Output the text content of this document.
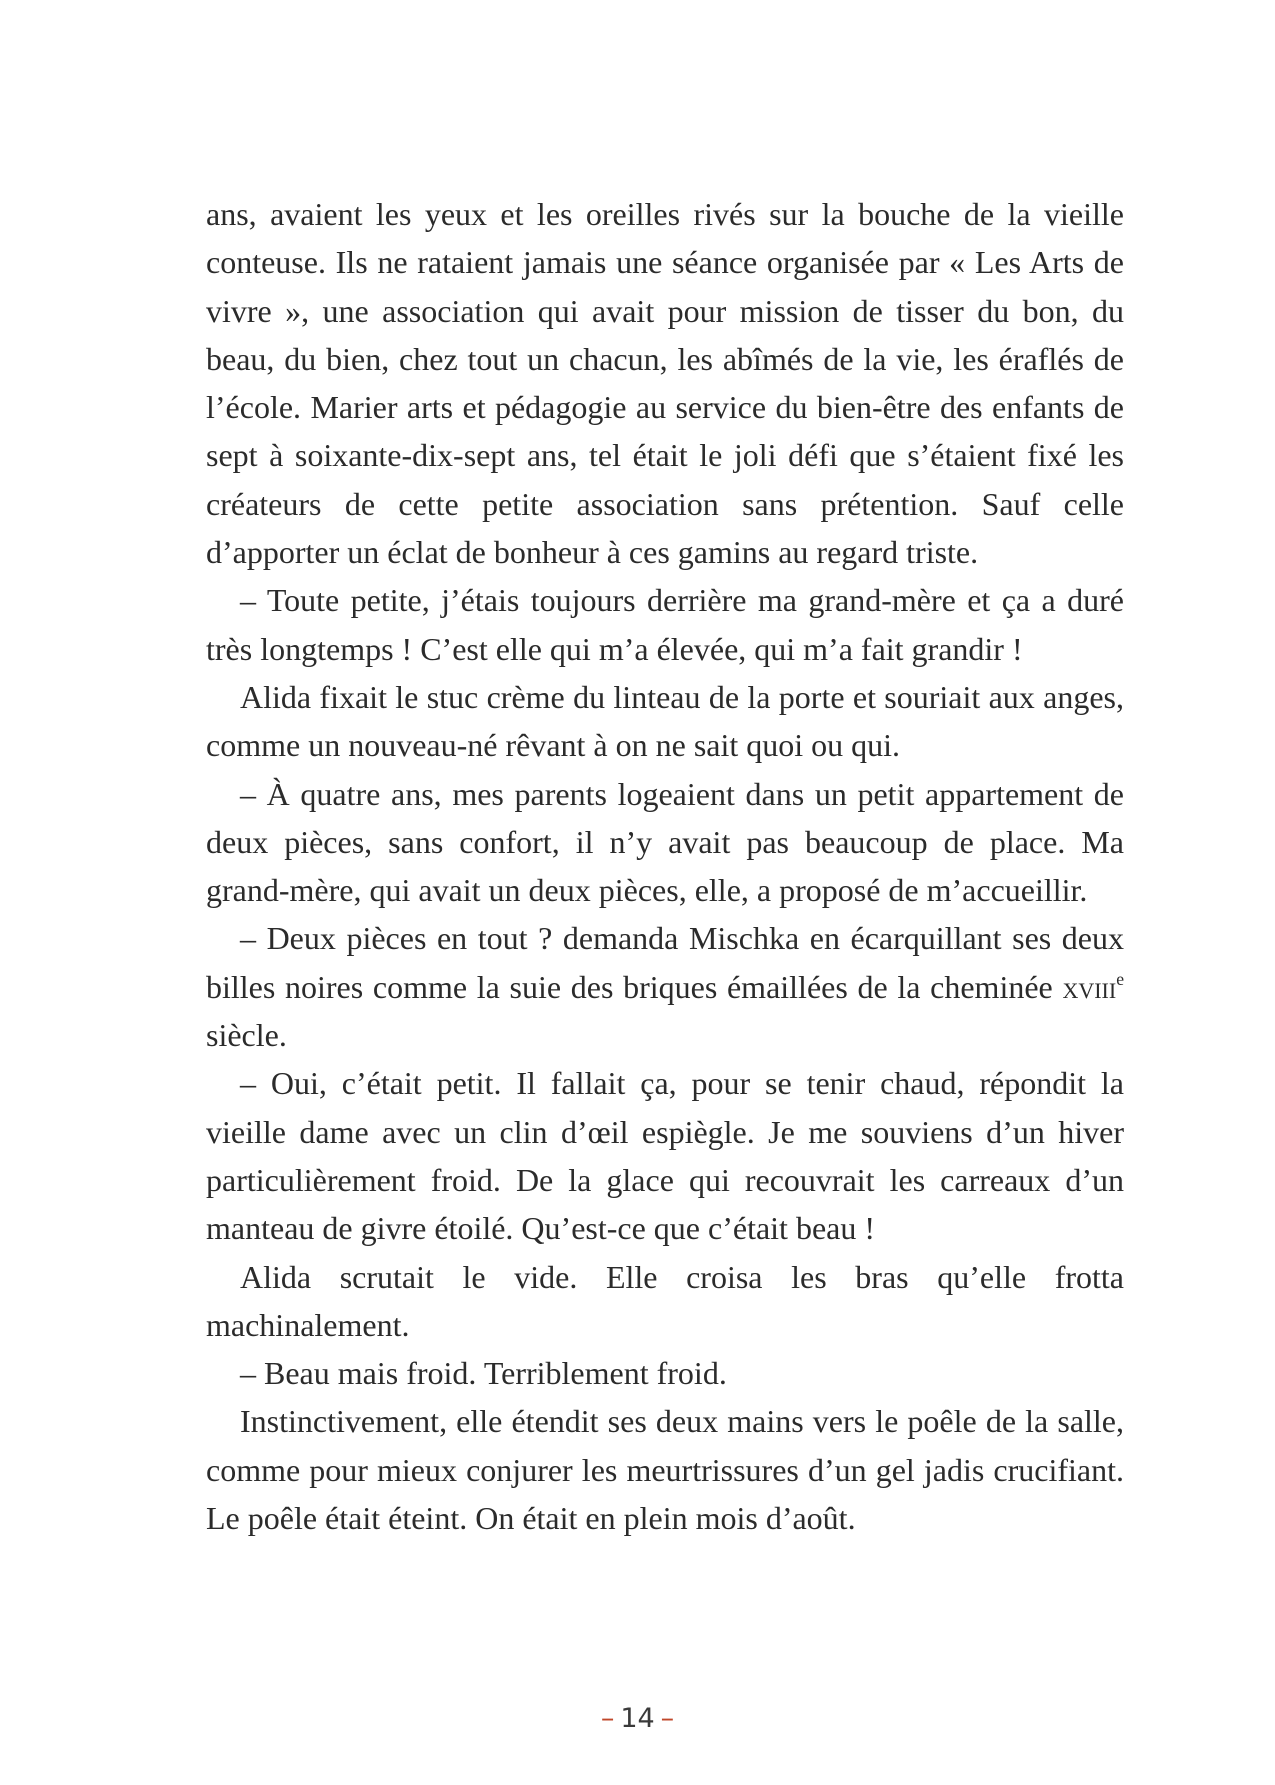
ans, avaient les yeux et les oreilles rivés sur la bouche de la vieille conteuse. Ils ne rataient jamais une séance organisée par « Les Arts de vivre », une association qui avait pour mission de tisser du bon, du beau, du bien, chez tout un chacun, les abîmés de la vie, les éraflés de l’école. Marier arts et pédagogie au service du bien-être des enfants de sept à soixante-dix-sept ans, tel était le joli défi que s’étaient fixé les créateurs de cette petite association sans prétention. Sauf celle d’apporter un éclat de bonheur à ces gamins au regard triste.

– Toute petite, j’étais toujours derrière ma grand-mère et ça a duré très longtemps ! C’est elle qui m’a élevée, qui m’a fait grandir !

Alida fixait le stuc crème du linteau de la porte et souriait aux anges, comme un nouveau-né rêvant à on ne sait quoi ou qui.

– À quatre ans, mes parents logeaient dans un petit appartement de deux pièces, sans confort, il n’y avait pas beaucoup de place. Ma grand-mère, qui avait un deux pièces, elle, a proposé de m’accueillir.

– Deux pièces en tout ? demanda Mischka en écarquillant ses deux billes noires comme la suie des briques émaillées de la cheminée xviii$^e$ siècle.

– Oui, c’était petit. Il fallait ça, pour se tenir chaud, répondit la vieille dame avec un clin d’œil espiègle. Je me souviens d’un hiver particulièrement froid. De la glace qui recouvrait les carreaux d’un manteau de givre étoilé. Qu’est-ce que c’était beau !

Alida scrutait le vide. Elle croisa les bras qu’elle frotta machinalement.

– Beau mais froid. Terriblement froid.

Instinctivement, elle étendit ses deux mains vers le poêle de la salle, comme pour mieux conjurer les meurtrissures d’un gel jadis crucifiant. Le poêle était éteint. On était en plein mois d’août.

– 14 –
